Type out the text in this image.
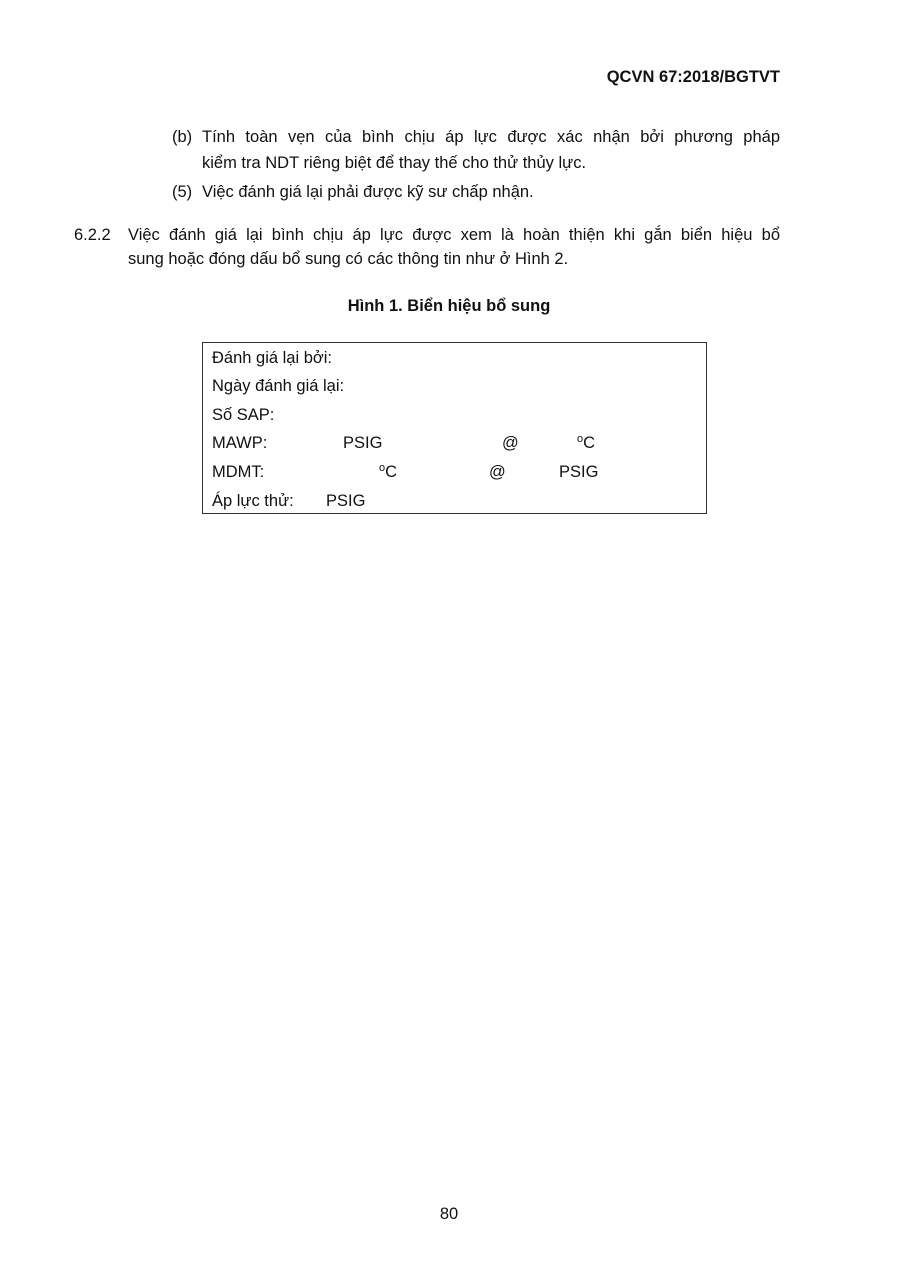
QCVN 67:2018/BGTVT
(b) Tính toàn vẹn của bình chịu áp lực được xác nhận bởi phương pháp
kiểm tra NDT riêng biệt để thay thế cho thử thủy lực.
(5) Việc đánh giá lại phải được kỹ sư chấp nhận.
6.2.2 Việc đánh giá lại bình chịu áp lực được xem là hoàn thiện khi gắn biển hiệu bổ
sung hoặc đóng dấu bổ sung có các thông tin như ở Hình 2.
Hình 1. Biển hiệu bổ sung
Đánh giá lại bởi:
Ngày đánh giá lại:
Số SAP:
MAWP:	PSIG	@	$^o$C
MDMT:	$^o$C	@	PSIG
Áp lực thử: PSIG
80
